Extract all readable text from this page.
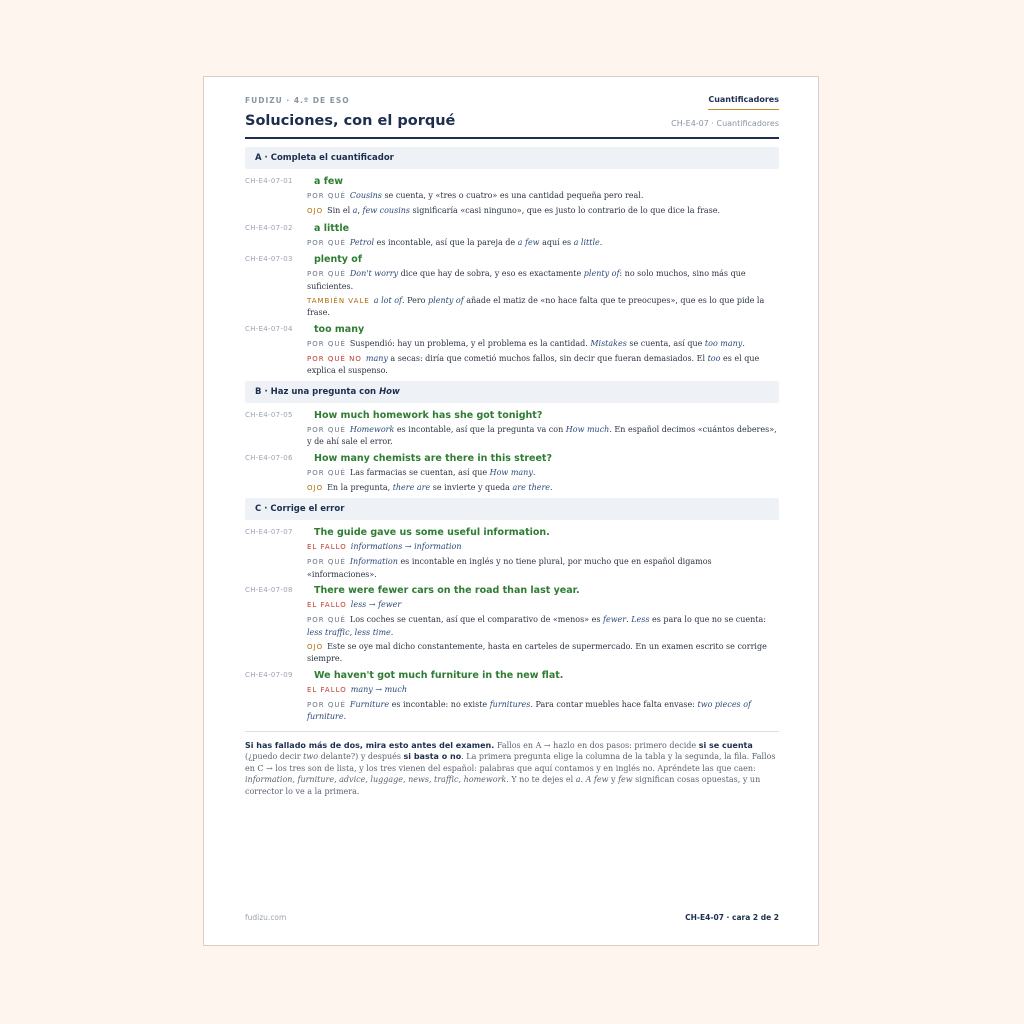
FUDIZU · 4.º DE ESO	Cuantificadores
Soluciones, con el porqué	CH-E4-07 · Cuantificadores
A · Completa el cuantificador
CH-E4-07-01	a few
POR QUÉ Cousins se cuenta, y «tres o cuatro» es una cantidad pequeña pero real.
OJO Sin el a, few cousins significaría «casi ninguno», que es justo lo contrario de lo que dice la frase.
CH-E4-07-02	a little
POR QUÉ Petrol es incontable, así que la pareja de a few aquí es a little.
CH-E4-07-03	plenty of
POR QUÉ Don't worry dice que hay de sobra, y eso es exactamente plenty of: no solo muchos, sino más que suficientes.
TAMBIÉN VALE a lot of. Pero plenty of añade el matiz de «no hace falta que te preocupes», que es lo que pide la frase.
CH-E4-07-04	too many
POR QUÉ Suspendió: hay un problema, y el problema es la cantidad. Mistakes se cuenta, así que too many.
POR QUÉ NO many a secas: diría que cometió muchos fallos, sin decir que fueran demasiados. El too es el que explica el suspenso.
B · Haz una pregunta con How
CH-E4-07-05	How much homework has she got tonight?
POR QUÉ Homework es incontable, así que la pregunta va con How much. En español decimos «cuántos deberes», y de ahí sale el error.
CH-E4-07-06	How many chemists are there in this street?
POR QUÉ Las farmacias se cuentan, así que How many.
OJO En la pregunta, there are se invierte y queda are there.
C · Corrige el error
CH-E4-07-07	The guide gave us some useful information.
EL FALLO informations → information
POR QUÉ Information es incontable en inglés y no tiene plural, por mucho que en español digamos «informaciones».
CH-E4-07-08	There were fewer cars on the road than last year.
EL FALLO less → fewer
POR QUÉ Los coches se cuentan, así que el comparativo de «menos» es fewer. Less es para lo que no se cuenta: less traffic, less time.
OJO Este se oye mal dicho constantemente, hasta en carteles de supermercado. En un examen escrito se corrige siempre.
CH-E4-07-09	We haven't got much furniture in the new flat.
EL FALLO many → much
POR QUÉ Furniture es incontable: no existe furnitures. Para contar muebles hace falta envase: two pieces of furniture.
Si has fallado más de dos, mira esto antes del examen. Fallos en A → hazlo en dos pasos: primero decide si se cuenta (¿puedo decir two delante?) y después si basta o no. La primera pregunta elige la columna de la tabla y la segunda, la fila. Fallos en C → los tres son de lista, y los tres vienen del español: palabras que aquí contamos y en inglés no. Apréndete las que caen: information, furniture, advice, luggage, news, traffic, homework. Y no te dejes el a. A few y few significan cosas opuestas, y un corrector lo ve a la primera.
fudizu.com	CH-E4-07 · cara 2 de 2
